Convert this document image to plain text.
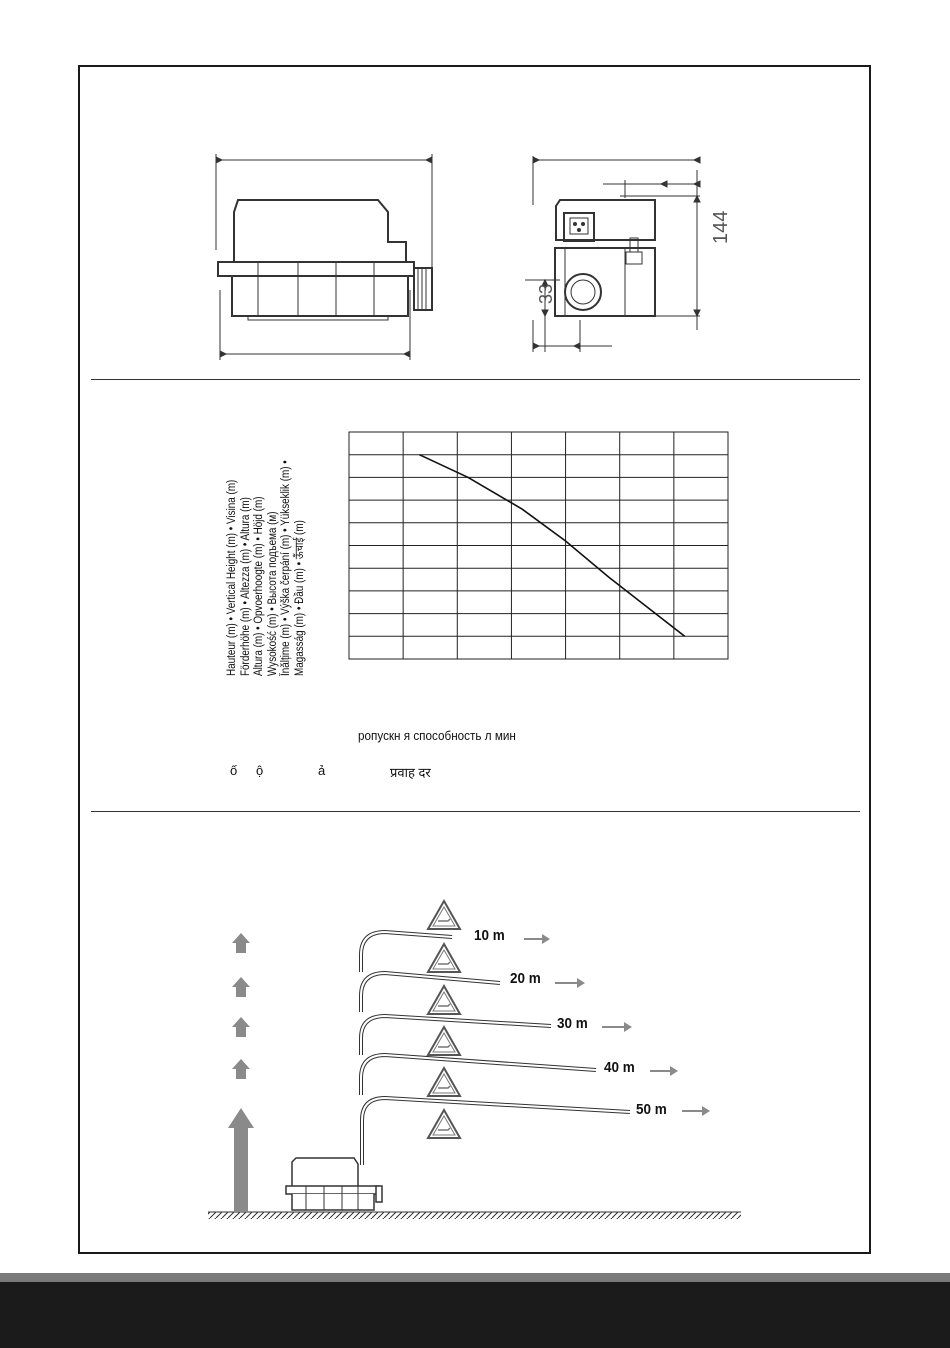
144
33
Hauteur (m) • Vertical Height (m) • Visina (m) Förderhöhe (m) • Altezza (m) • Altura (m) Altura (m) • Opvoerhoogte (m) • Höjd (m) Wysokość (m) • Высота подъема (м) Înălțime (m) • Výška čerpání (m) • Yükseklik (m) • Magasság (m) • Đầu (m) • ऊँचाई (m)
ропускн я способность л мин
ố ộ	ả	प्रवाह दर
10 m
20 m
30 m
40 m
50 m
